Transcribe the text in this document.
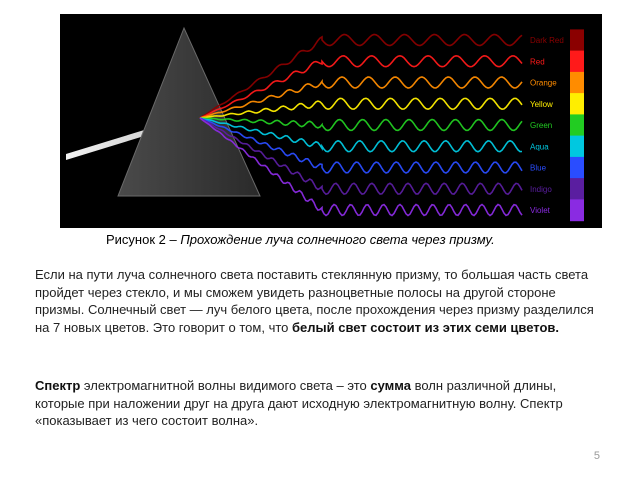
Dark Red
Red
Orange
Yellow
Green
Aqua
Blue
Indigo
Violet
Рисунок 2 – Прохождение луча солнечного света через призму.

Если на пути луча солнечного света поставить стеклянную призму, то большая часть света пройдет через стекло, и мы сможем увидеть разноцветные полосы на другой стороне призмы. Солнечный свет — луч белого цвета, после прохождения через призму разделился на 7 новых цветов. Это говорит о том, что белый свет состоит из этих семи цветов.

Спектр электромагнитной волны видимого света – это сумма волн различной длины, которые при наложении друг на друга дают исходную электромагнитную волну. Спектр «показывает из чего состоит волна».

5
